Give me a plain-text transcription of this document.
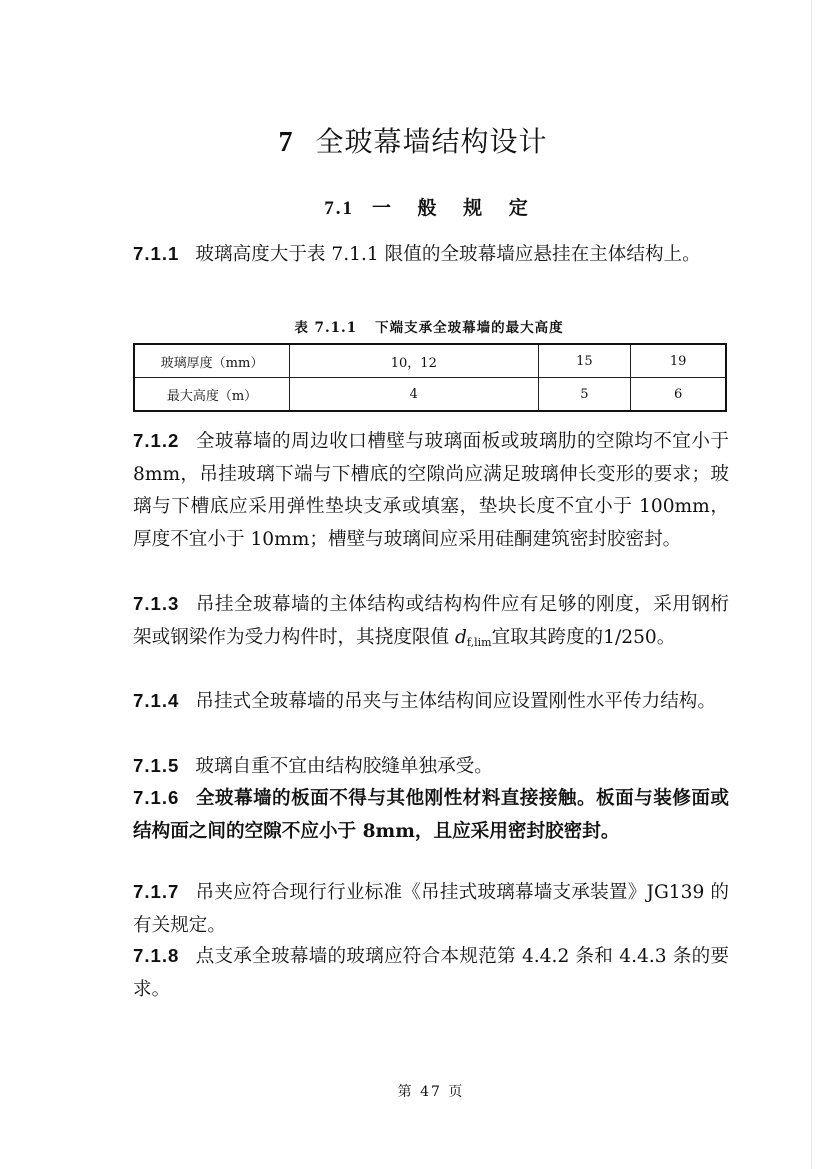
7 全玻幕墙结构设计
7.1 一 般 规 定
7.1.1 玻璃高度大于表 7.1.1 限值的全玻幕墙应悬挂在主体结构上。
表 7.1.1 下端支承全玻幕墙的最大高度
玻璃厚度（mm）	10，12	15	19
最大高度（m）	4	5	6
7.1.2 全玻幕墙的周边收口槽壁与玻璃面板或玻璃肋的空隙均不宜小于 8mm，吊挂玻璃下端与下槽底的空隙尚应满足玻璃伸长变形的要求；玻璃与下槽底应采用弹性垫块支承或填塞，垫块长度不宜小于 100mm，厚度不宜小于 10mm；槽壁与玻璃间应采用硅酮建筑密封胶密封。
7.1.3 吊挂全玻幕墙的主体结构或结构构件应有足够的刚度，采用钢桁架或钢梁作为受力构件时，其挠度限值 $d_{f,lim}$宜取其跨度的1/250。
7.1.4 吊挂式全玻幕墙的吊夹与主体结构间应设置刚性水平传力结构。
7.1.5 玻璃自重不宜由结构胶缝单独承受。
7.1.6 全玻幕墙的板面不得与其他刚性材料直接接触。板面与装修面或结构面之间的空隙不应小于 8mm，且应采用密封胶密封。
7.1.7 吊夹应符合现行行业标准《吊挂式玻璃幕墙支承装置》JG139 的有关规定。
7.1.8 点支承全玻幕墙的玻璃应符合本规范第 4.4.2 条和 4.4.3 条的要求。
第 47 页
